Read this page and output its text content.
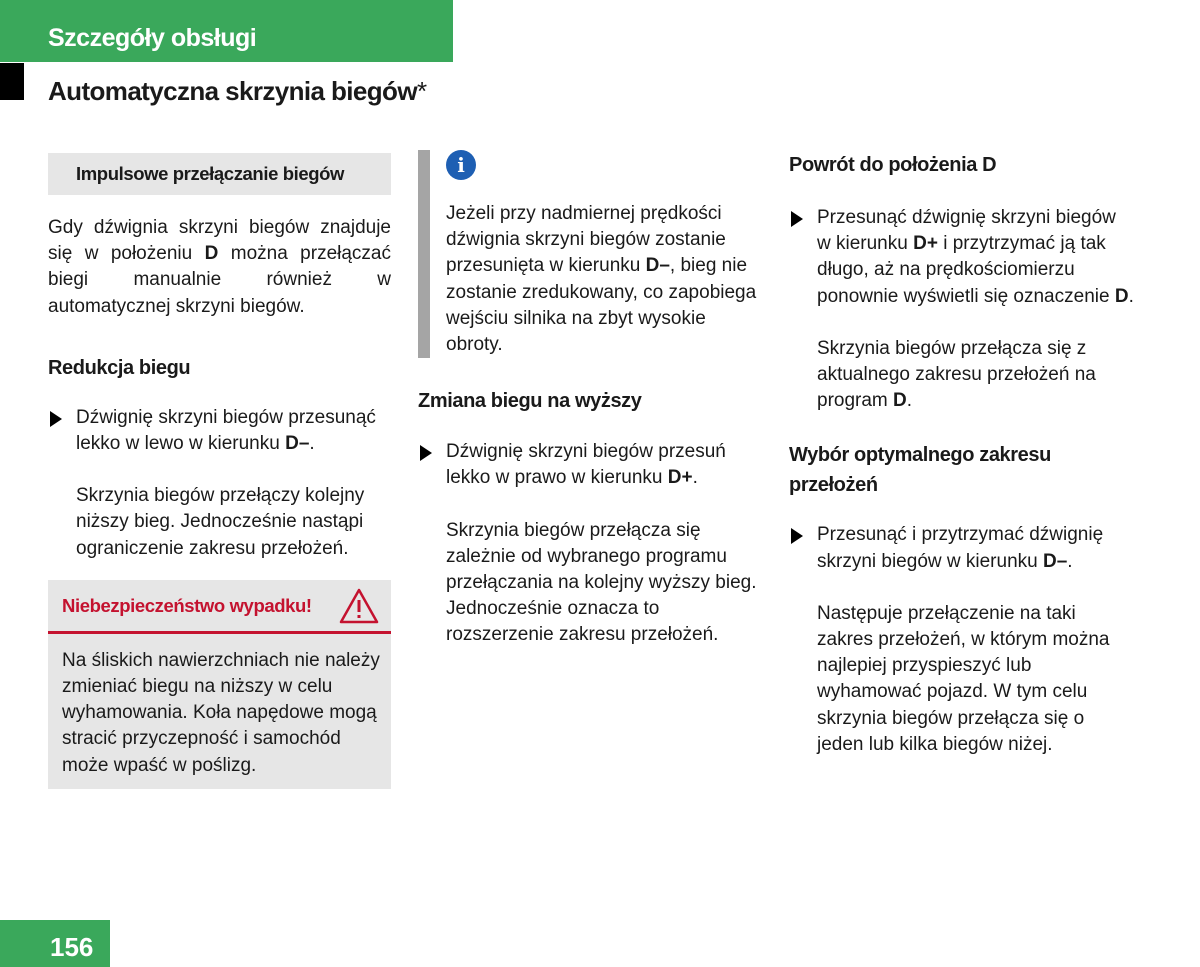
Szczegóły obsługi
Automatyczna skrzynia biegów*
Impulsowe przełączanie biegów

Gdy dźwignia skrzyni biegów znajduje się w położeniu D można przełączać biegi manualnie również w automatycznej skrzyni biegów.

Redukcja biegu

Dźwignię skrzyni biegów przesunąć lekko w lewo w kierunku D–.

Skrzynia biegów przełączy kolejny niższy bieg. Jednocześnie nastąpi ograniczenie zakresu przełożeń.

Niebezpieczeństwo wypadku!

Na śliskich nawierzchniach nie należy zmieniać biegu na niższy w celu wyhamowania. Koła napędowe mogą stracić przyczepność i samochód może wpaść w poślizg.

i

Jeżeli przy nadmiernej prędkości dźwignia skrzyni biegów zostanie przesunięta w kierunku D–, bieg nie zostanie zredukowany, co zapobiega wejściu silnika na zbyt wysokie obroty.

Zmiana biegu na wyższy

Dźwignię skrzyni biegów przesuń lekko w prawo w kierunku D+.

Skrzynia biegów przełącza się zależnie od wybranego programu przełączania na kolejny wyższy bieg. Jednocześnie oznacza to rozszerzenie zakresu przełożeń.

Powrót do położenia D

Przesunąć dźwignię skrzyni biegów w kierunku D+ i przytrzymać ją tak długo, aż na prędkościomierzu ponownie wyświetli się oznaczenie D.

Skrzynia biegów przełącza się z aktualnego zakresu przełożeń na program D.

Wybór optymalnego zakresu przełożeń

Przesunąć i przytrzymać dźwignię skrzyni biegów w kierunku D–.

Następuje przełączenie na taki zakres przełożeń, w którym można najlepiej przyspieszyć lub wyhamować pojazd. W tym celu skrzynia biegów przełącza się o jeden lub kilka biegów niżej.

156
